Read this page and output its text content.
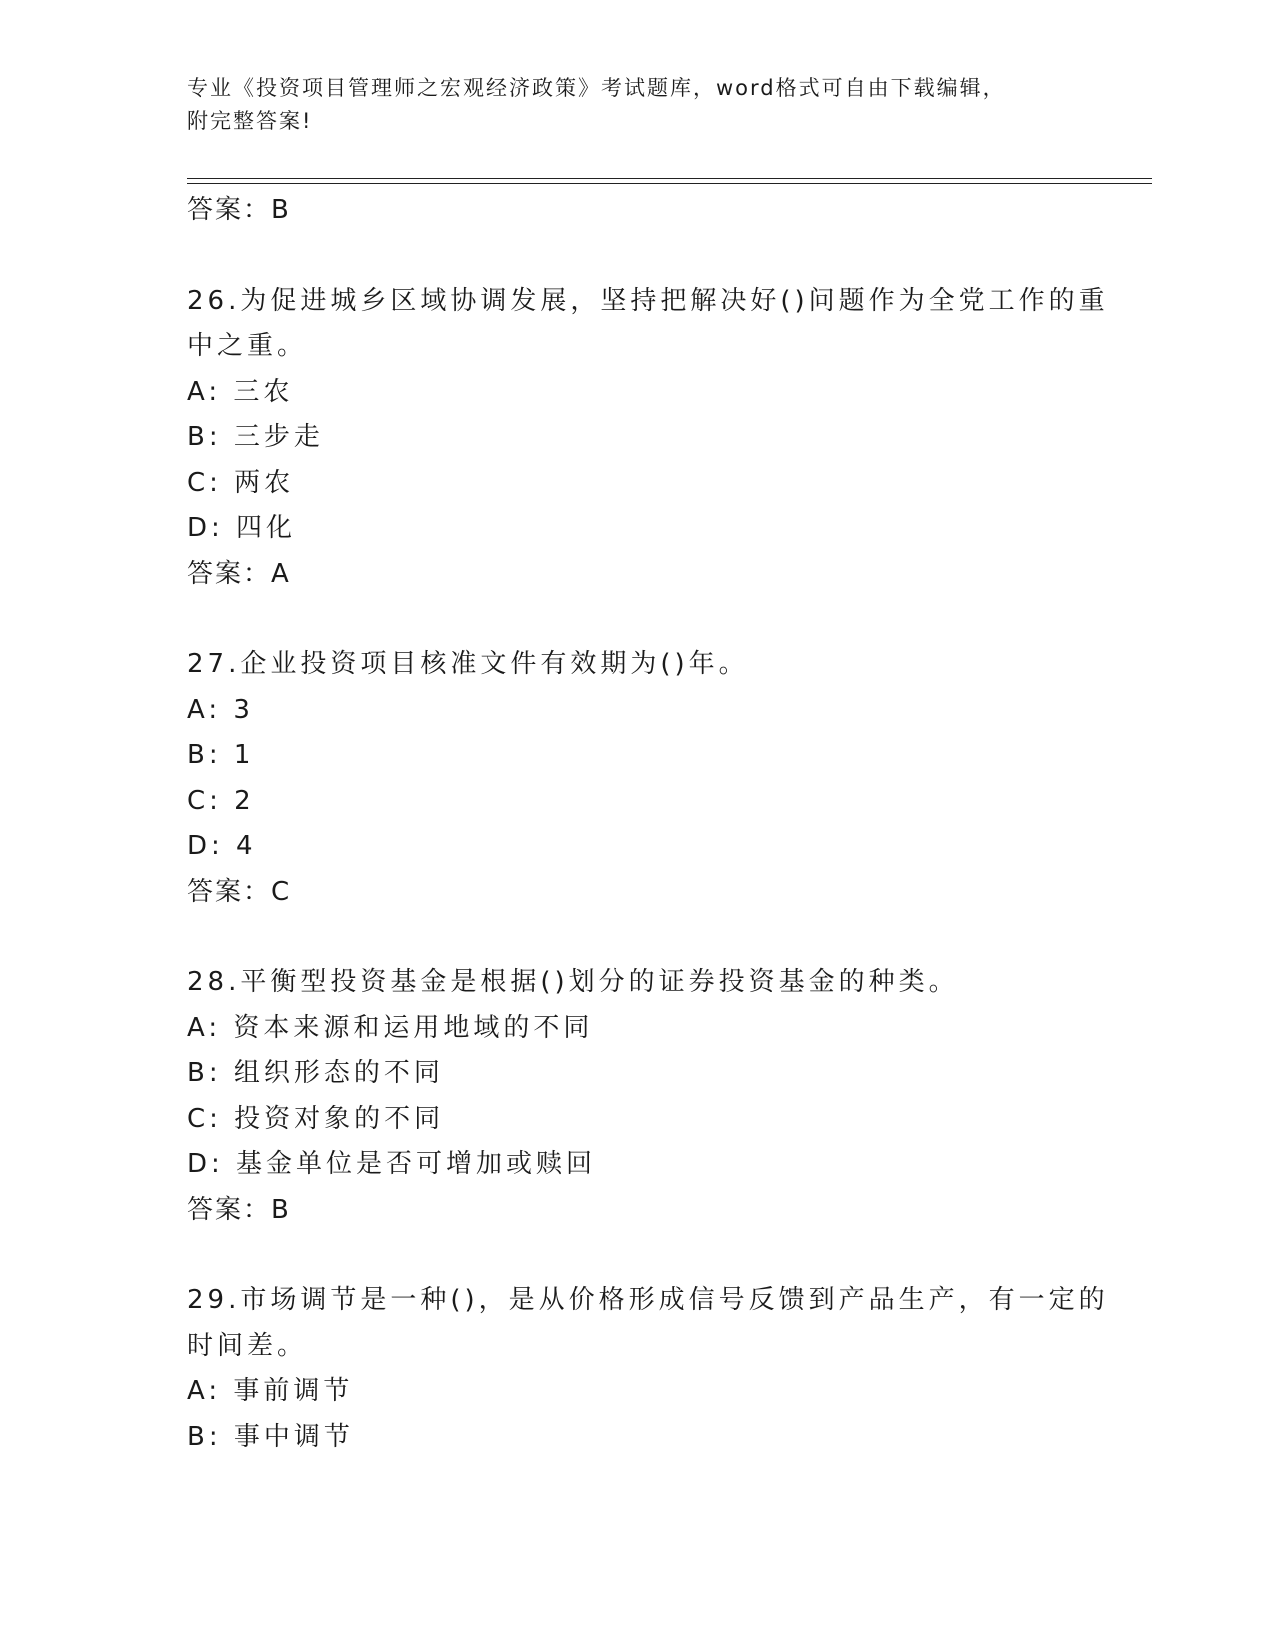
专业《投资项目管理师之宏观经济政策》考试题库，word格式可自由下载编辑，
附完整答案!
答案：B
26.为促进城乡区域协调发展，坚持把解决好()问题作为全党工作的重
中之重。
A: 三农
B: 三步走
C: 两农
D: 四化
答案：A
27.企业投资项目核准文件有效期为()年。
A: 3
B: 1
C: 2
D: 4
答案：C
28.平衡型投资基金是根据()划分的证券投资基金的种类。
A: 资本来源和运用地域的不同
B: 组织形态的不同
C: 投资对象的不同
D: 基金单位是否可增加或赎回
答案：B
29.市场调节是一种()，是从价格形成信号反馈到产品生产，有一定的
时间差。
A: 事前调节
B: 事中调节
